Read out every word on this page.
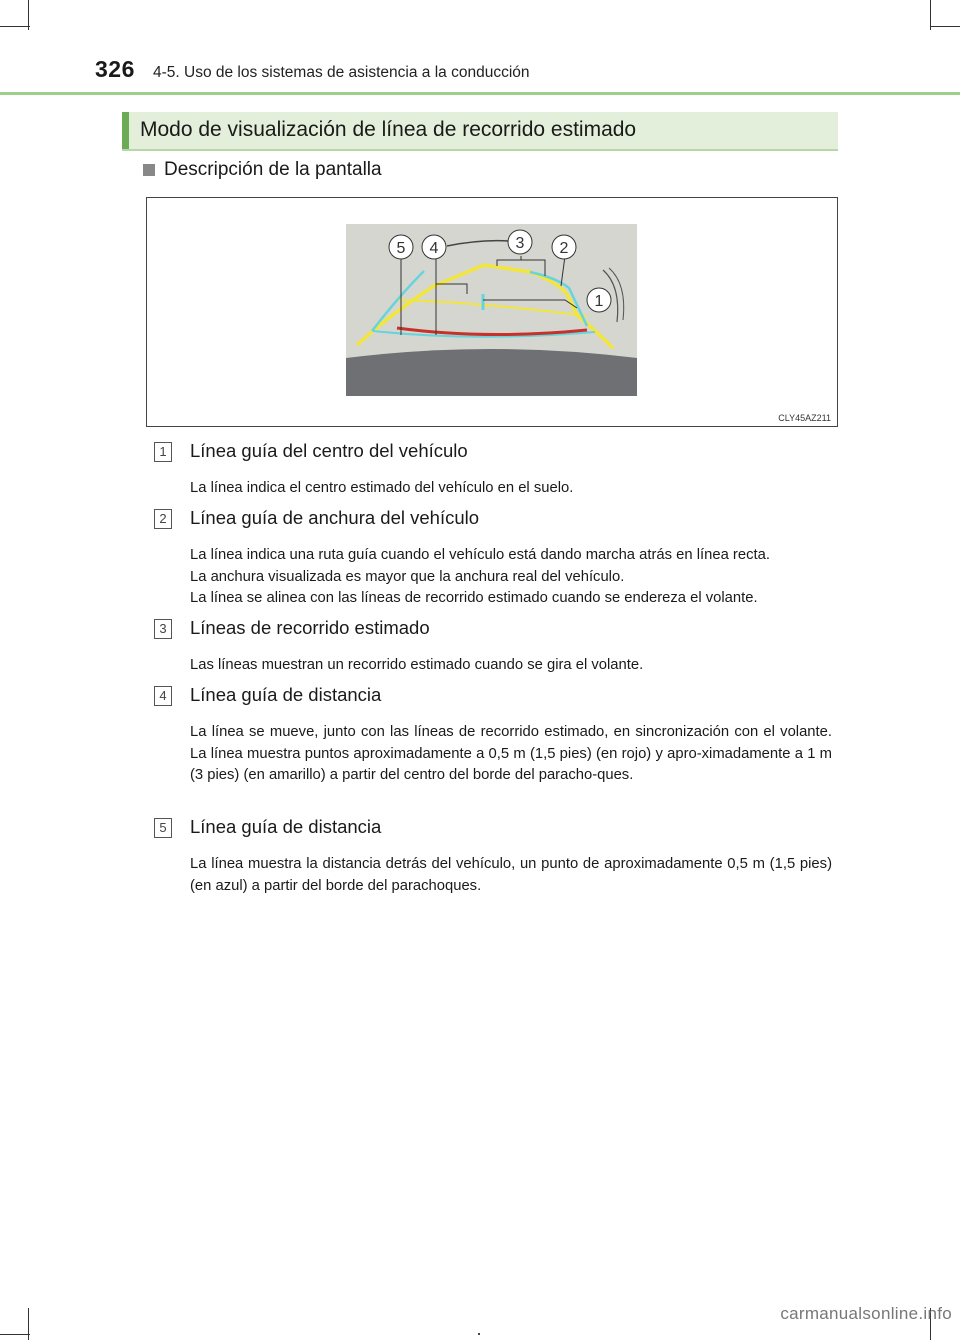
326 4-5. Uso de los sistemas de asistencia a la conducción
Modo de visualización de línea de recorrido estimado
Descripción de la pantalla
5 4	3 2
1
CLY45AZ211
1 Línea guía del centro del vehículo

La línea indica el centro estimado del vehículo en el suelo.

2 Línea guía de anchura del vehículo

La línea indica una ruta guía cuando el vehículo está dando marcha atrás en línea recta.

La anchura visualizada es mayor que la anchura real del vehículo.

La línea se alinea con las líneas de recorrido estimado cuando se endereza el volante.

3 Líneas de recorrido estimado

Las líneas muestran un recorrido estimado cuando se gira el volante.

4 Línea guía de distancia

La línea se mueve, junto con las líneas de recorrido estimado, en sincronización con el volante. La línea muestra puntos aproximadamente a 0,5 m (1,5 pies) (en rojo) y apro-ximadamente a 1 m (3 pies) (en amarillo) a partir del centro del borde del paracho-ques.

5 Línea guía de distancia

La línea muestra la distancia detrás del vehículo, un punto de aproximadamente 0,5 m (1,5 pies) (en azul) a partir del borde del parachoques.

carmanualsonline.info
